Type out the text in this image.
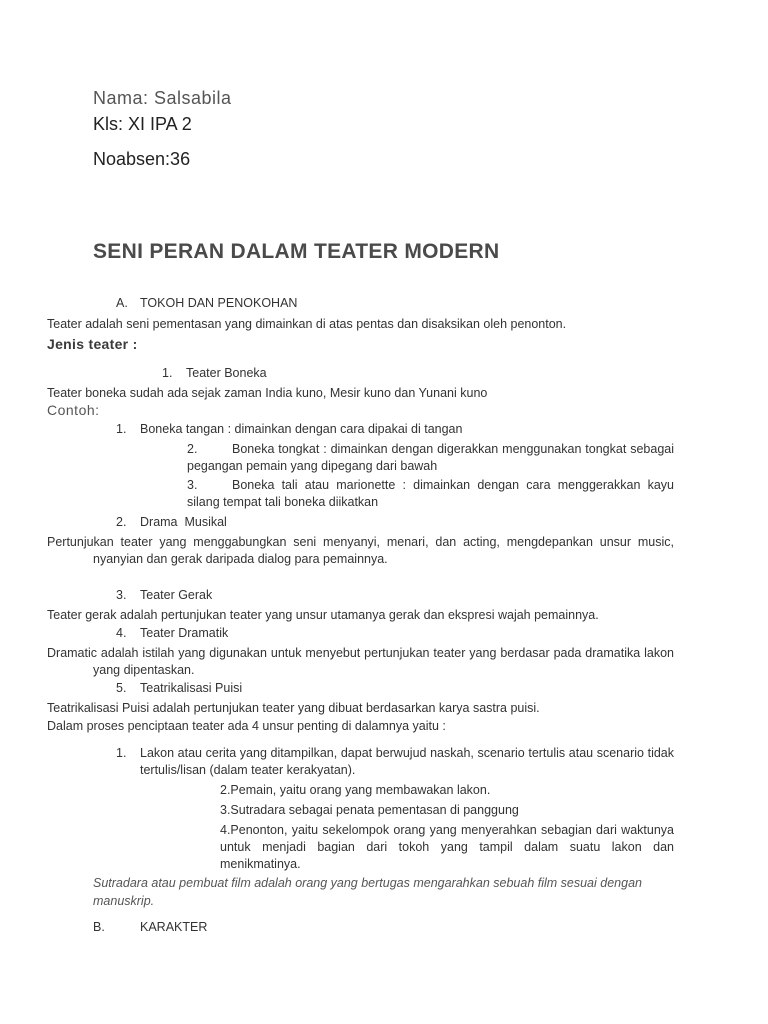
Nama: Salsabila
Kls: XI IPA 2
Noabsen:36
SENI PERAN DALAM TEATER MODERN
A. TOKOH DAN PENOKOHAN
Teater adalah seni pementasan yang dimainkan di atas pentas dan disaksikan oleh penonton.
Jenis teater :
1. Teater Boneka
Teater boneka sudah ada sejak zaman India kuno, Mesir kuno dan Yunani kuno
Contoh:
1. Boneka tangan : dimainkan dengan cara dipakai di tangan
2.	Boneka tongkat : dimainkan dengan digerakkan menggunakan tongkat sebagai pegangan pemain yang dipegang dari bawah
3.	Boneka tali atau marionette : dimainkan dengan cara menggerakkan kayu silang tempat tali boneka diikatkan
2. Drama  Musikal
Pertunjukan teater yang menggabungkan seni menyanyi, menari, dan acting, mengdepankan unsur music, nyanyian dan gerak daripada dialog para pemainnya.
3. Teater Gerak
Teater gerak adalah pertunjukan teater yang unsur utamanya gerak dan ekspresi wajah pemainnya.
4. Teater Dramatik
Dramatic adalah istilah yang digunakan untuk menyebut pertunjukan teater yang berdasar pada dramatika lakon yang dipentaskan.
5. Teatrikalisasi Puisi
Teatrikalisasi Puisi adalah pertunjukan teater yang dibuat berdasarkan karya sastra puisi.
Dalam proses penciptaan teater ada 4 unsur penting di dalamnya yaitu :
1. Lakon atau cerita yang ditampilkan, dapat berwujud naskah, scenario tertulis atau scenario tidak tertulis/lisan (dalam teater kerakyatan).
2.Pemain, yaitu orang yang membawakan lakon.
3.Sutradara sebagai penata pementasan di panggung
4.Penonton, yaitu sekelompok orang yang menyerahkan sebagian dari waktunya untuk menjadi bagian dari tokoh yang tampil dalam suatu lakon dan menikmatinya.
Sutradara atau pembuat film adalah orang yang bertugas mengarahkan sebuah film sesuai dengan manuskrip.
B.	KARAKTER
